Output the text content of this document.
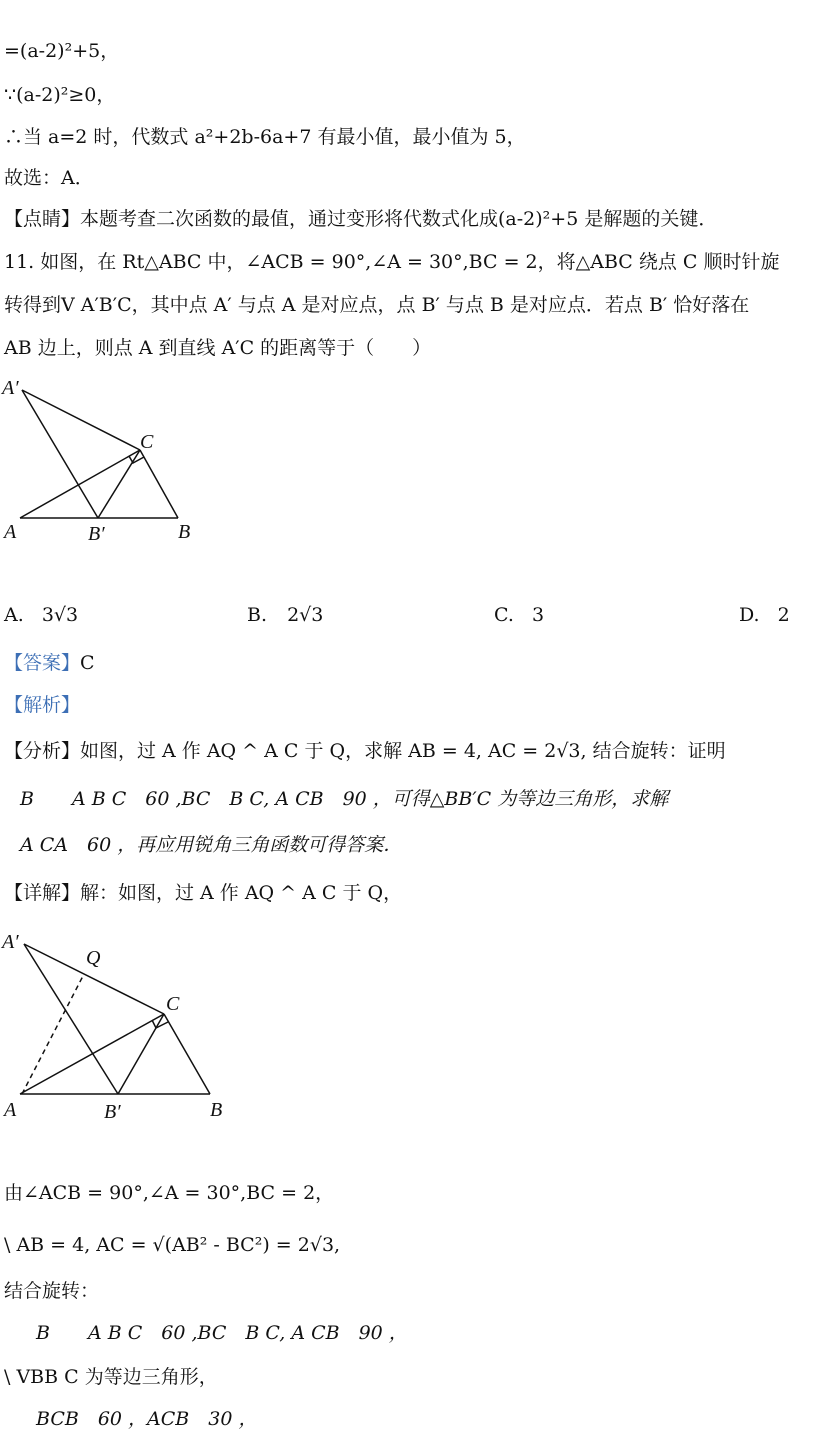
=(a-2)²+5，
∵(a-2)²≥0，
∴当 a=2 时，代数式 a²+2b-6a+7 有最小值，最小值为 5，
故选：A．
【点睛】本题考查二次函数的最值，通过变形将代数式化成(a-2)²+5 是解题的关键．
11. 如图，在 Rt△ABC 中，∠ACB = 90°,∠A = 30°,BC = 2，将△ABC 绕点 C 顺时针旋
转得到V A′B′C，其中点 A′ 与点 A 是对应点，点 B′ 与点 B 是对应点．若点 B′ 恰好落在
AB 边上，则点 A 到直线 A′C 的距离等于（　　）
A′
C
A	B′	B
A. 3√3	B. 2√3	C. 3	D. 2
【答案】C
【解析】
【分析】如图，过 A 作 AQ ^ A C 于 Q，求解 AB = 4, AC = 2√3, 结合旋转：证明
B　　A B C　60 ,BC　B C, A CB　90 ，可得△BB′C 为等边三角形，求解
A CA　60 ，再应用锐角三角函数可得答案．
【详解】解：如图，过 A 作 AQ ^ A C 于 Q，
A′
Q
C
A	B′	B
由∠ACB = 90°,∠A = 30°,BC = 2，
\ AB = 4, AC = √(AB² - BC²) = 2√3,
结合旋转：
B　　A B C　60 ,BC　B C, A CB　90 ，
\ VBB C 为等边三角形，
BCB　60 ，ACB　30 ，
